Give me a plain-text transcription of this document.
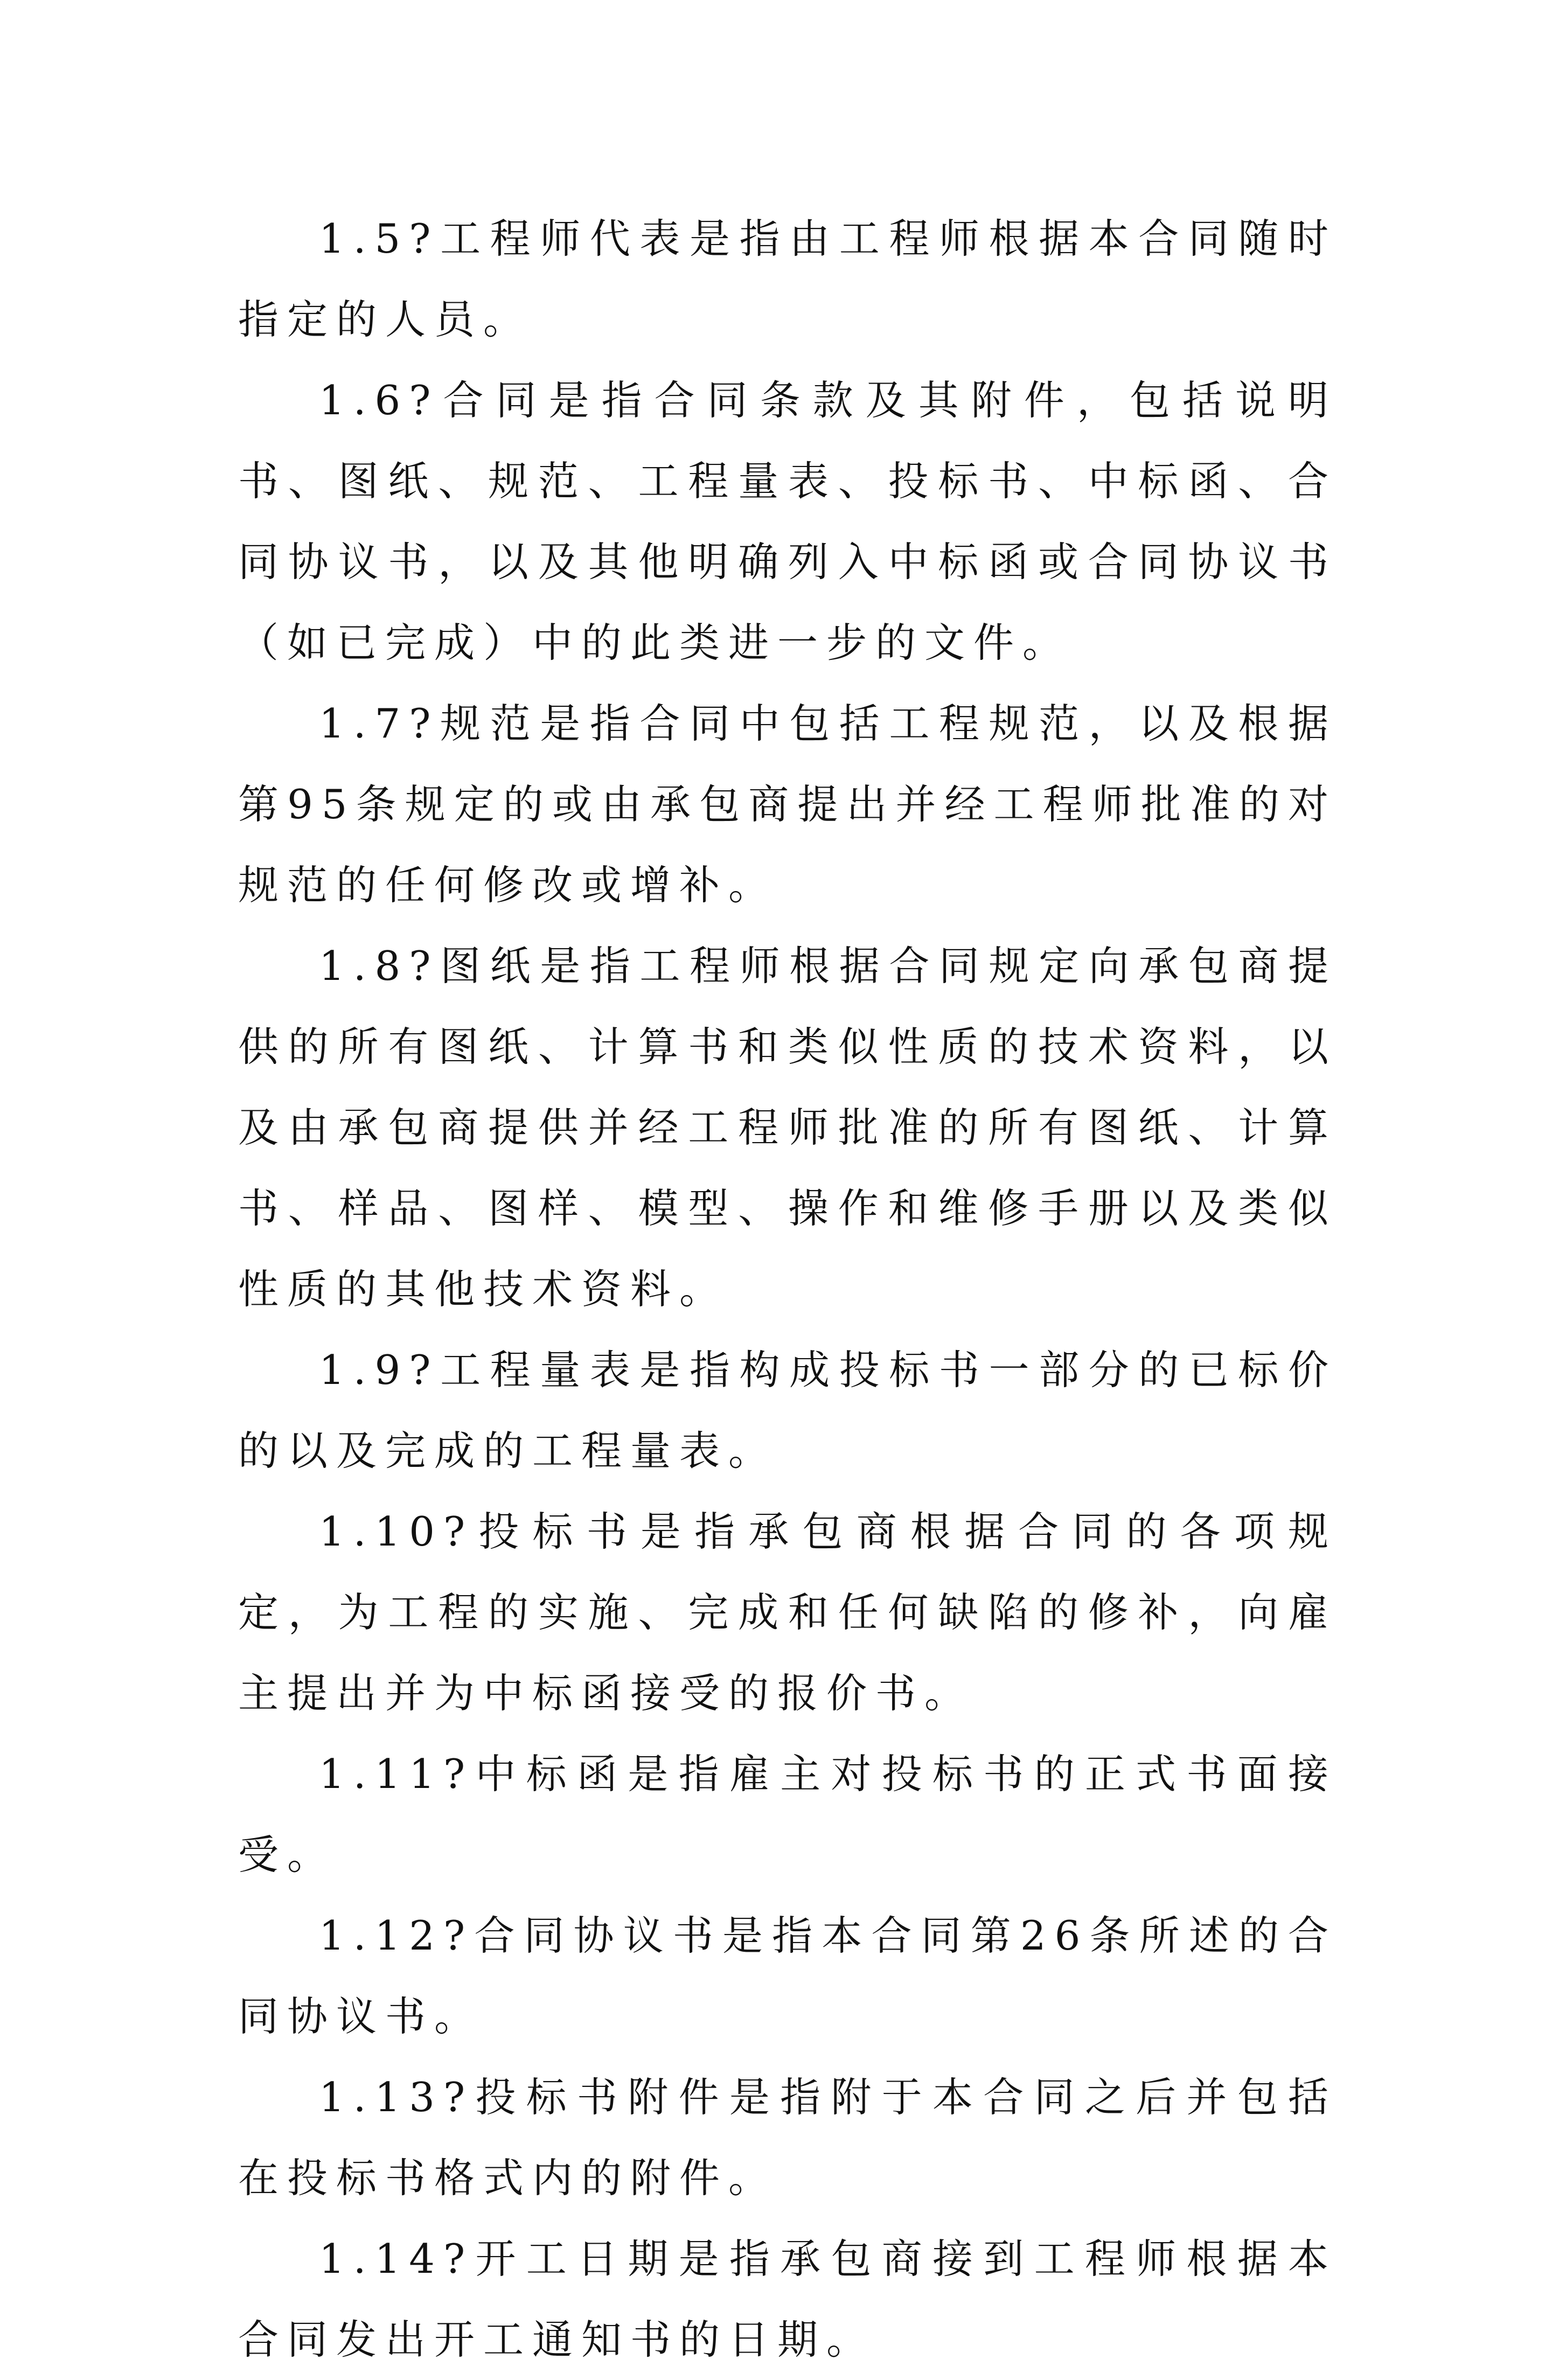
1.5?工程师代表是指由工程师根据本合同随时指定的人员。

1.6?合同是指合同条款及其附件，包括说明书、图纸、规范、工程量表、投标书、中标函、合同协议书，以及其他明确列入中标函或合同协议书（如已完成）中的此类进一步的文件。

1.7?规范是指合同中包括工程规范，以及根据第95条规定的或由承包商提出并经工程师批准的对规范的任何修改或增补。

1.8?图纸是指工程师根据合同规定向承包商提供的所有图纸、计算书和类似性质的技术资料，以及由承包商提供并经工程师批准的所有图纸、计算书、样品、图样、模型、操作和维修手册以及类似性质的其他技术资料。

1.9?工程量表是指构成投标书一部分的已标价的以及完成的工程量表。

1.10?投标书是指承包商根据合同的各项规定，为工程的实施、完成和任何缺陷的修补，向雇主提出并为中标函接受的报价书。

1.11?中标函是指雇主对投标书的正式书面接受。

1.12?合同协议书是指本合同第26条所述的合同协议书。

1.13?投标书附件是指附于本合同之后并包括在投标书格式内的附件。

1.14?开工日期是指承包商接到工程师根据本合同发出开工通知书的日期。
